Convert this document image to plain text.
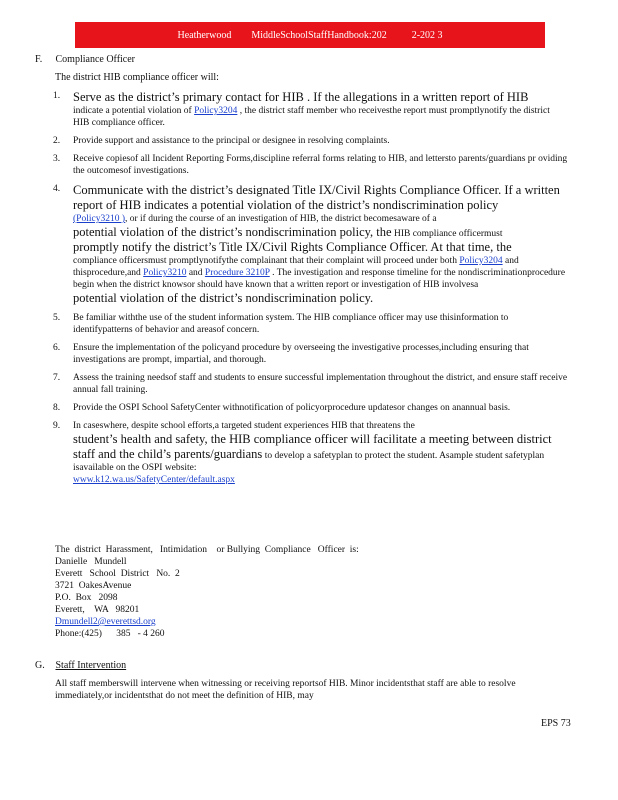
Heatherwood        MiddleSchoolStaffHandbook:202          2-202 3
F. Compliance Officer
The district HIB compliance officer will:
1. Serve as the district’s primary contact for HIB . If the allegations in a written report of HIB
indicate a potential violation of Policy3204 , the district staff member who receivesthe report must promptlynotify the district HIB compliance officer.
2. Provide support and assistance to the principal or designee in resolving complaints.
3. Receive copiesof all Incident Reporting Forms,discipline referral forms relating to HIB, and lettersto parents/guardians pr oviding the outcomesof investigations.
4. Communicate with the district’s designated Title IX/Civil Rights Compliance Officer. If a written report of HIB indicates a potential violation of the district’s nondiscrimination policy
(Policy3210 ), or if during the course of an investigation of HIB, the district becomesaware of a
potential violation of the district’s nondiscrimination policy, the HIB compliance officermust
promptly notify the district’s Title IX/Civil Rights Compliance Officer. At that time, the
compliance officersmust promptlynotifythe complainant that their complaint will proceed under both Policy3204 and thisprocedure,and Policy3210 and Procedure 3210P . The investigation and response timeline for the nondiscriminationprocedure begin when the district knowsor should have known that a written report or investigation of HIB involvesa
potential violation of the district’s nondiscrimination policy.
5. Be familiar withthe use of the student information system. The HIB compliance officer may use thisinformation to identifypatterns of behavior and areasof concern.
6. Ensure the implementation of the policyand procedure by overseeing the investigative processes,including ensuring that investigations are prompt, impartial, and thorough.
7. Assess the training needsof staff and students to ensure successful implementation throughout the district, and ensure staff receive annual fall training.
8. Provide the OSPI School SafetyCenter withnotification of policyorprocedure updatesor changes on anannual basis.
9. In caseswhere, despite school efforts,a targeted student experiences HIB that threatens the
student’s health and safety, the HIB compliance officer will facilitate a meeting between district staff and the child’s parents/guardians to develop a safetyplan to protect the student. Asample student safetyplan isavailable on the OSPI website:
www.k12.wa.us/SafetyCenter/default.aspx
The  district  Harassment,   Intimidation    or Bullying  Compliance   Officer  is:
Danielle   Mundell
Everett   School  District   No.  2
3721  OakesAvenue
P.O.  Box   2098
Everett,    WA   98201
Dmundell2@everettsd.org
Phone:(425)      385   - 4 260
G. Staff Intervention
All staff memberswill intervene when witnessing or receiving reportsof HIB. Minor incidentsthat staff are able to resolve immediately,or incidentsthat do not meet the definition of HIB, may
EPS 73
